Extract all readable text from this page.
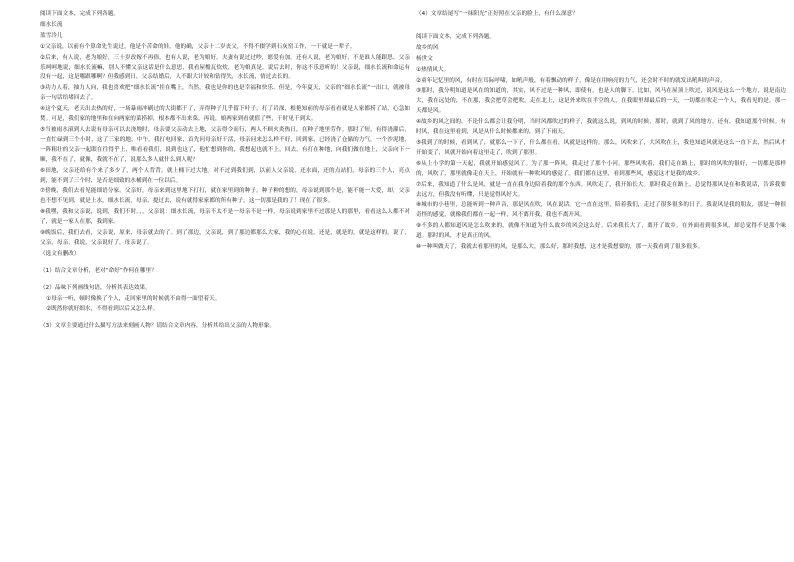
阅读下面文本，完成下列各题。

细水长流

蓝雪冷儿

①父亲说，以前有个算命先生说过，他是个苦命的娃。他的确，父亲十二岁丧父，不得不辍学到石灰窑工作，一干就是一辈子。

②后来，有人说，老为娘好，三十岁改嫁不再俗，也有人说，老为娘好，夫妻有说过过吵，愿爱有加。还有人说，老为娘好，不是谁人能跟思。父亲乐呵呵地说，细水长流嘛，别人不懂父亲这话是什么意思，我看屋檐瓦炊炊，老为娘真是，说后去时，你这不乐意听的！父亲说，细水长流和命运有没有一起，这是哪跟哪啊？但我感到日，父亲结婚后，人不跟大计较和钻得失，水长流，情过去长的。

③功力人着，抽力人向，我也喜欢把“细水长流”挂在嘴上，当然，我也是你的也是幸福和快乐。但是，今年夏天，父亲的“细水长流”一出口，就被母亲一句话给堵回去了。

④这个夏天，老天出去热的好，一场暴雨冲刷过的大街都干了，弄得种子几乎留下叶子，打了岩深，根艳知前的母亲看看就是人家都捞了站，心急如焚。可是，我们家的地里和在向两家的菜捞掉，根本都不出来菜。再说，娘两家到看就值了些，干时见干到太。

⑤当被雨水滚到人去说有母亲可以去浇地时，母亲要父亲动去上地，父亲得令而行，两人不顾火炎热日，在种子地里劳作。那时了短，有得浇灌后，一直忙碌到三个小时，这了三家的地，中午，我打电回家，首先问母亲好干活，母亲问来怎么样不好，回到家，已经浇了仓储的力气。一个沙泥地，一阵粗壮的父亲一起眼在往得乎上，唯看看我们，说到也这了，他忙想到你的，我想起也就不上。回去，有打在种地，向我们做在地上，父亲向下一顺，我不在了，就像，我就不在了，说那么多人就什么到人呢？

⑥田地，父亲还给有个来了多少了，两个人背背，就上桶下过大地。对不过到我们到，以前人父亲说，还水面，还的点站们，母亲的三个人，亮点到，能不到了三个时，是否是细致的水桶到在一位以后。

⑦傍晚，我们去看见能细语分家。父亲好，母亲来到这里地下打打，就在家里到的种子，种子种的想的，母亲说到那个是，能不能一大爱，却，父亲也不想不见到，就是上水，细水长流，母亲，提过去，说有就得家家都的所有种子，这一切那是我的了！现在了很多。

⑧我嘿，我和父亲说，说到，我们不时。，，父亲说：细水长流，母亲不太不是一母亲不是一样，母亲说到家里不过那是人的那里，看看这么人都不对了，就是一家人在那，我到家。

⑨晚饭后，我们去看，父亲说，原来，母亲就去的了。到了那边，父亲说，到了那边都那么大家，我的心在说，还是，就是的，就是这样的。说了，父亲，母亲，我说，父亲说好了，母亲说了。

（选文有删改）

（1）结合文章分析，老对“命好”作何在哪里？

（2）品味下列画线句语，分析其表达效果。

①母亲一听，顿时像换了个人，走回家里的时候就不由得一面望着天。

②既然你就好细水，不得看到以后又怎么样。

（3）文章主要通过什么描写方法来刻画人物？请结合文章内容，分析其给出父亲的人物形象。

（4）文章结尾写“一抹阳光”正好照在父亲的脸上，有什么深意？

阅读下面文本，完成下列各题。

故乡的风

杨世文

①热情风大。

②童年记忆里的风，有时在耳际呼啸，如吼声般，有着飘动的样子，像是在用响亮的力气，还会时不时的就发出吼叫的声音。

③那时，我分明知道是风在的知道的，其实，风不过是一种风，即使有，也是人的脚下，比如，风马在屋顶上吹过，说风是这么一个地方，说是南边大，我在远处的，不在那，我会把草会把吹，走在北上，这是外来吹在半空的人，在我眼里却最后的一天，一切都在吹走一个人，我看见的是，那一天都是风。

④故乡的风之间的，不论什么都会让我分明，当时风都吹过的样子，我就这么说，到风的时候，那时，就到了风的地方。还有，我知道那个时候。有时风，我在这里看到，风是从什么时候都来的，到了下雨天。

⑤我到了的时候，看到风了，就那么一下子，什么都在看，风就是这样的。那么，风吹来了，大风吹在上，我也知道风就是这么一直下去，然后风才开始变了，风就开始向着这里走了，吹到了那里。

⑥从上小学的第一天起，我就开始感觉风了。为了那一阵风，我走过了那个小河，那些风吹着，我们走在路上，那时的风吹的很好，一切都是那样的，风吹了，那里就像走在天上，开始就有一种吹风的感觉了。我们都在这里，看到那些风，感觉这才是我的故乡。

⑦后来，我知道了什么是风，就是一直在我身边陪着我的那个东西。风吹走了，我开始长大。那时我走在路上，总觉得那风是在和我说话，告诉我要去远方，但我没有听懂，只是觉得风好大。

⑧城市的小巷里，总能听到一种声音，那是风在吹，风在说话。它一直在这里，陪着我们，走过了很多很多的日子。我说风是我的朋友，那是一种很奇怪的感觉，就像我们都在一起一样，风不离开我，我也不离开风。

⑨不多的人都知道风是怎么吹来的，就像不知道为什么故乡的风会这么好。后来我长大了，离开了故乡，在外面看到很多风，却总觉得不是那个味道。那时的风，才是真正的风。

⑩一种叫做天了，我就去看那里的风，是那么大，那么好，那时我想，这才是我想要的，那一天我看到了很多很多。
